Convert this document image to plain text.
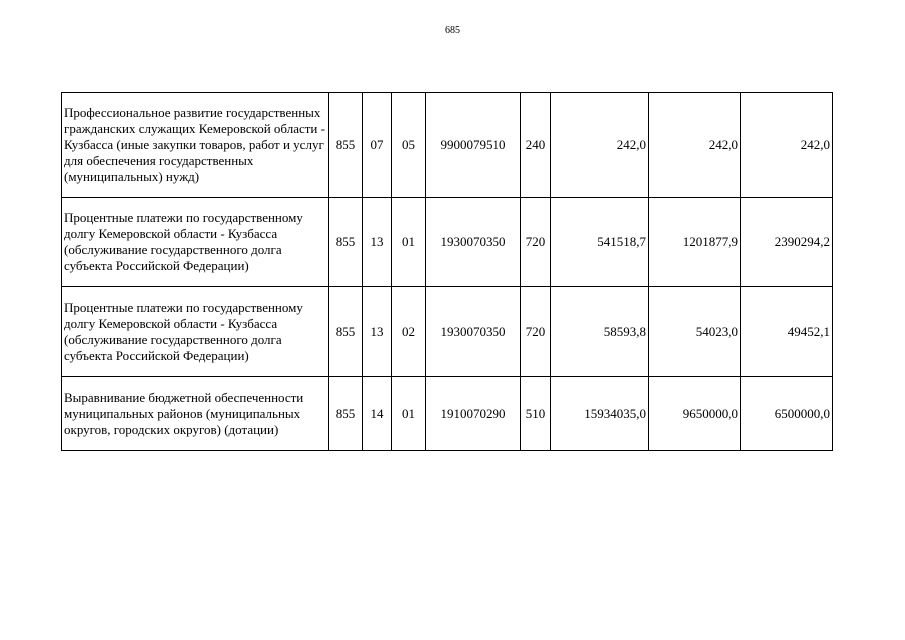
685
Профессиональное развитие государственных гражданских служащих Кемеровской области - Кузбасса (иные закупки товаров, работ и услуг для обеспечения государственных (муниципальных) нужд)	855	07	05	9900079510	240	242,0	242,0	242,0
Процентные платежи по государственному долгу Кемеровской области - Кузбасса (обслуживание государственного долга субъекта Российской Федерации)	855	13	01	1930070350	720	541518,7	1201877,9	2390294,2
Процентные платежи по государственному долгу Кемеровской области - Кузбасса (обслуживание государственного долга субъекта Российской Федерации)	855	13	02	1930070350	720	58593,8	54023,0	49452,1
Выравнивание бюджетной обеспеченности муниципальных районов (муниципальных округов, городских округов) (дотации)	855	14	01	1910070290	510	15934035,0	9650000,0	6500000,0
